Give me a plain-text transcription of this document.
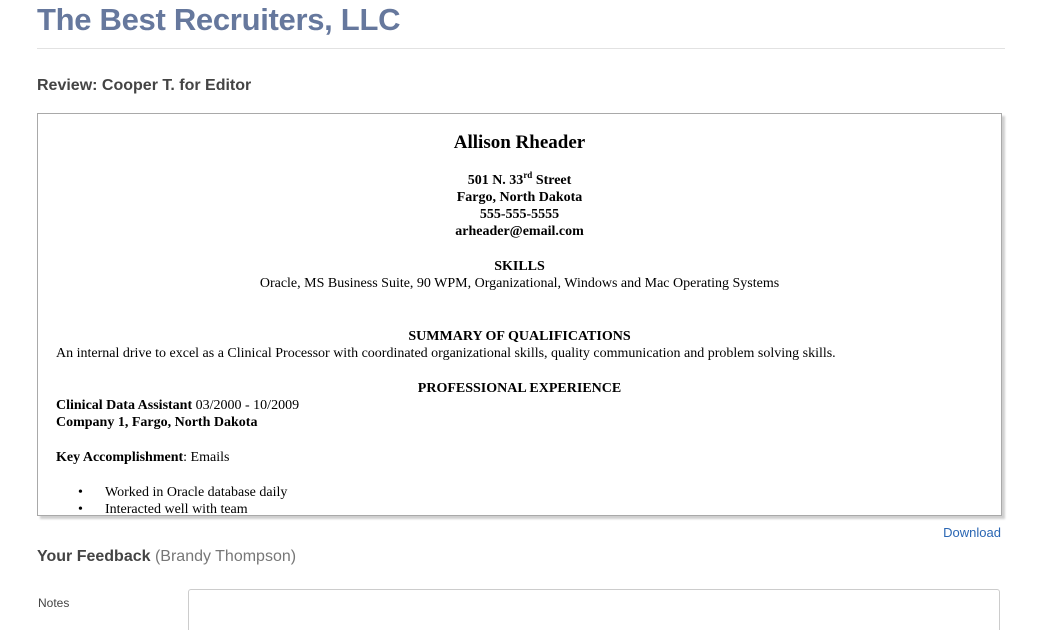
The Best Recruiters, LLC
Review: Cooper T. for Editor
Allison Rheader
501 N. 33rd Street
Fargo, North Dakota
555-555-5555
arheader@email.com
SKILLS
Oracle, MS Business Suite, 90 WPM, Organizational, Windows and Mac Operating Systems
SUMMARY OF QUALIFICATIONS
An internal drive to excel as a Clinical Processor with coordinated organizational skills, quality communication and problem solving skills.
PROFESSIONAL EXPERIENCE
Clinical Data Assistant 03/2000 - 10/2009
Company 1, Fargo, North Dakota
Key Accomplishment: Emails
• Worked in Oracle database daily
• Interacted well with team
Download
Your Feedback (Brandy Thompson)
Notes
